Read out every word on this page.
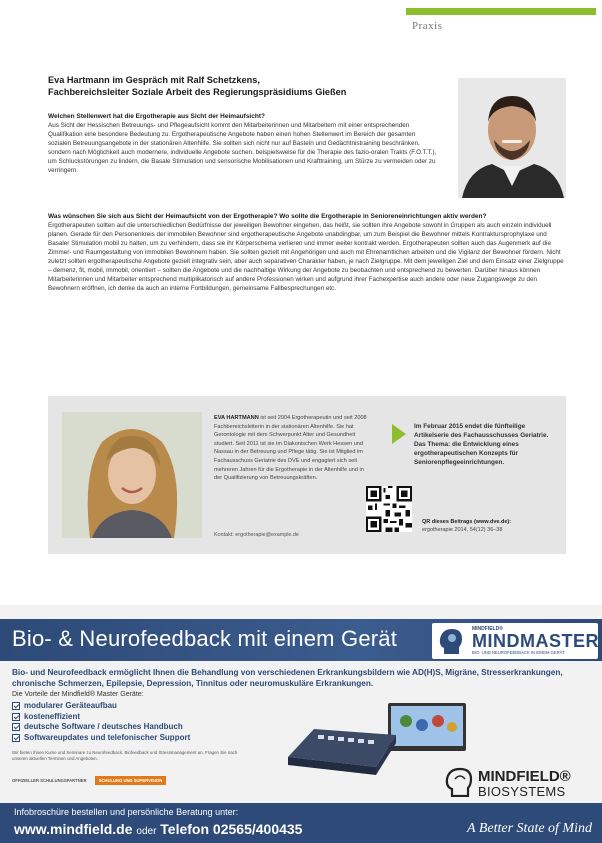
Praxis
Eva Hartmann im Gespräch mit Ralf Schetzkens,
Fachbereichsleiter Soziale Arbeit des Regierungspräsidiums Gießen

Welchen Stellenwert hat die Ergotherapie aus Sicht der Heimaufsicht?

Aus Sicht der Hessischen Betreuungs- und Pflegeaufsicht kommt den Mitarbeiterinnen und Mitarbeitern mit einer entsprechenden Qualifikation eine besondere Bedeutung zu. Ergotherapeutische Angebote haben einen hohen Stellenwert im Bereich der gesamten sozialen Betreuungsangebote in der stationären Altenhilfe. Sie sollten sich nicht nur auf Basteln und Gedächtnistraining beschränken, sondern nach Möglichkeit auch modernere, individuelle Angebote suchen, beispielsweise für die Therapie des fazio-oralen Trakts (F.O.T.T.), um Schluckstörungen zu lindern, die Basale Stimulation und sensorische Mobilisationen und Krafttraining, um Stürze zu vermeiden oder zu verringern.

Was wünschen Sie sich aus Sicht der Heimaufsicht von der Ergotherapie? Wo sollte die Ergotherapie in Senioreneinrichtungen aktiv werden?

Ergotherapeuten sollten auf die unterschiedlichen Bedürfnisse der jeweiligen Bewohner eingehen, das heißt, sie sollten ihre Angebote sowohl in Gruppen als auch einzeln individuell planen. Gerade für den Personenkreis der immobilen Bewohner sind ergotherapeutische Angebote unabdingbar, um zum Beispiel die Bewohner mittels Kontraktursprophylaxe und Basaler Stimulation mobil zu halten, um zu verhindern, dass sie ihr Körperschema verlieren und immer weiter kontrakt werden. Ergotherapeuten sollten auch das Augenmerk auf die Zimmer- und Raumgestaltung von immobilen Bewohnern haben. Sie sollten gezielt mit Angehörigen und auch mit Ehrenamtlichen arbeiten und die Vigilanz der Bewohner fördern. Nicht zuletzt sollten ergotherapeutische Angebote gezielt integrativ sein, aber auch separativen Charakter haben, je nach Zielgruppe. Mit dem jeweiligen Ziel und dem Einsatz einer Zielgruppe – demenz, fit, mobil, immobil, orientiert – sollten die Angebote und die nachhaltige Wirkung der Angebote zu beobachten und entsprechend zu bewerten. Darüber hinaus können Mitarbeiterinnen und Mitarbeiter entsprechend multiplikatorisch auf andere Professionen wirken und aufgrund ihrer Fachexpertise auch andere oder neue Zugangswege zu den Bewohnern eröffnen, ich denke da auch an interne Fortbildungen, gemeinsame Fallbesprechungen etc.

EVA HARTMANN ist seit 2004 Ergotherapeutin und seit 2008 Fachbereichsleiterin in der stationären Altenhilfe. Sie hat Gerontologie mit dem Schwerpunkt Alter und Gesundheit studiert. Seit 2011 ist sie im Diakonischen Werk Hessen und Nassau in der Betreuung und Pflege tätig. Sie ist Mitglied im Fachausschuss Geriatrie des DVE und engagiert sich seit mehreren Jahren für die Ergotherapie in der Altenhilfe und in der Qualifizierung von Betreuungskräften.
Kontakt: ergotherapie@example.de
Im Februar 2015 endet die fünfteilige Artikelserie des Fachausschusses Geriatrie. Das Thema: die Entwicklung eines ergotherapeutischen Konzepts für Seniorenpflegeeinrichtungen.
QR dieses Beitrags (www.dve.de):
ergotherapie 2014, 54(12) 36–38
Bio- & Neurofeedback mit einem Gerät	MINDFIELD®
MINDMASTER
BIO- UND NEUROFEEDBACK IN EINEM GERÄT
Bio- und Neurofeedback ermöglicht Ihnen die Behandlung von verschiedenen Erkrankungsbildern wie AD(H)S, Migräne, Stresserkrankungen, chronische Schmerzen, Epilepsie, Depression, Tinnitus oder neuromuskuläre Erkrankungen.
Die Vorteile der Mindfield® Master Geräte:
modularer Geräteaufbau
kosteneffizient
deutsche Software / deutsches Handbuch
Softwareupdates und telefonischer Support
Wir bieten Ihnen Kurse und Seminare zu Neurofeedback, Biofeedback und Stressmanagement an. Fragen Sie nach unseren aktuellen Terminen und Angeboten.
OFFIZIELLER SCHULUNGSPARTNER	SCHULUNG UND SUPERVISION	MINDFIELD®
BIOSYSTEMS
Infobroschüre bestellen und persönliche Beratung unter:
www.mindfield.de oder Telefon 02565/400435	A Better State of Mind
